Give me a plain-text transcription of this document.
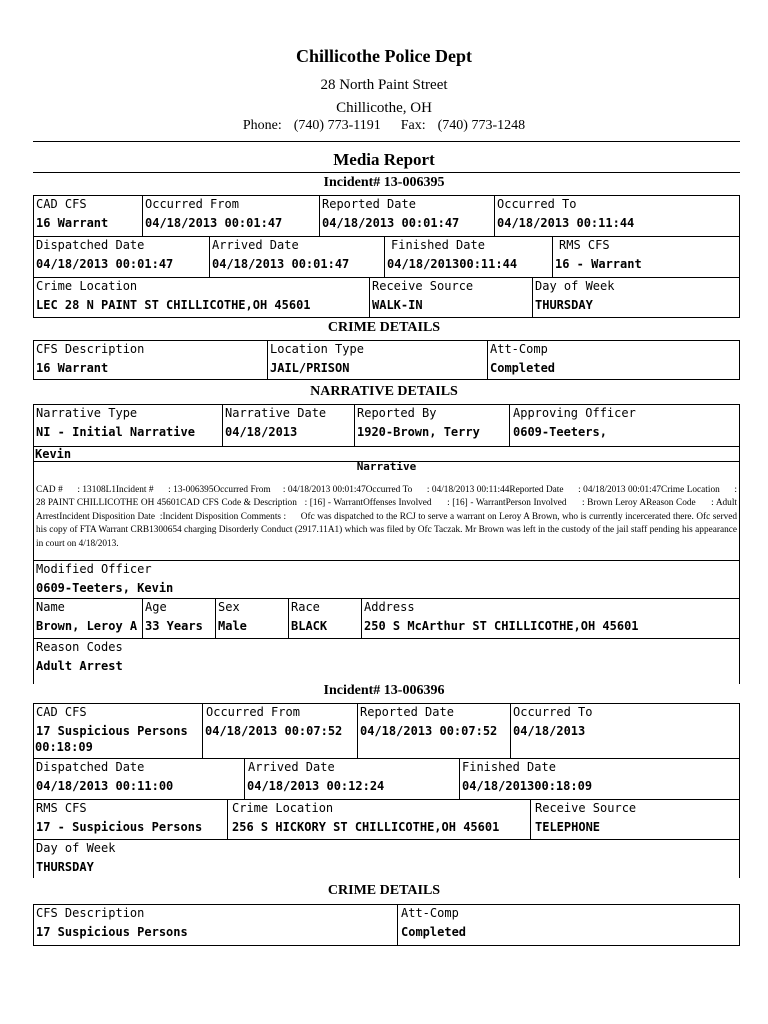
Chillicothe Police Dept
28 North Paint Street
Chillicothe, OH
Phone: (740) 773-1191 Fax: (740) 773-1248
Media Report
Incident# 13-006395
CAD CFS
16 Warrant
Occurred From
04/18/2013 00:01:47
Reported Date
04/18/2013 00:01:47
Occurred To
04/18/2013 00:11:44
Dispatched Date
04/18/2013 00:01:47
Arrived Date
04/18/2013 00:01:47
Finished Date
04/18/201300:11:44
RMS CFS
16 - Warrant
Crime Location
LEC 28 N PAINT ST CHILLICOTHE,OH 45601
Receive Source
WALK-IN
Day of Week
THURSDAY
CRIME DETAILS
CFS Description
16 Warrant
Location Type
JAIL/PRISON
Att-Comp
Completed
NARRATIVE DETAILS
Narrative Type
NI - Initial Narrative
Narrative Date
04/18/2013
Reported By
1920-Brown, Terry
Approving Officer
0609-Teeters,
Kevin
Narrative
CAD #      : 13108L1Incident #      : 13-006395Occurred From     : 04/18/2013 00:01:47Occurred To      : 04/18/2013 00:11:44Reported Date      : 04/18/2013 00:01:47Crime Location      : 28 PAINT CHILLICOTHE OH 45601CAD CFS Code & Description   : [16] - WarrantOffenses Involved      : [16] - WarrantPerson Involved      : Brown Leroy AReason Code      : Adult ArrestIncident Disposition Date  :Incident Disposition Comments :      Ofc was dispatched to the RCJ to serve a warrant on Leroy A Brown, who is currently incercerated there. Ofc served his copy of FTA Warrant CRB1300654 charging Disorderly Conduct (2917.11A1) which was filed by Ofc Taczak. Mr Brown was left in the custody of the jail staff pending his appearance in court on 4/18/2013.
Modified Officer
0609-Teeters, Kevin
Name
Brown, Leroy A
Age
33 Years
Sex
Male
Race
BLACK
Address
250 S McArthur ST CHILLICOTHE,OH 45601
Reason Codes
Adult Arrest
Incident# 13-006396
CAD CFS
17 Suspicious Persons
Occurred From
04/18/2013 00:07:52
Reported Date
04/18/2013 00:07:52
Occurred To
04/18/2013
00:18:09
Dispatched Date
04/18/2013 00:11:00
Arrived Date
04/18/2013 00:12:24
Finished Date
04/18/201300:18:09
RMS CFS
17 - Suspicious Persons
Crime Location
256 S HICKORY ST CHILLICOTHE,OH 45601
Receive Source
TELEPHONE
Day of Week
THURSDAY
CRIME DETAILS
CFS Description
17 Suspicious Persons
Att-Comp
Completed
